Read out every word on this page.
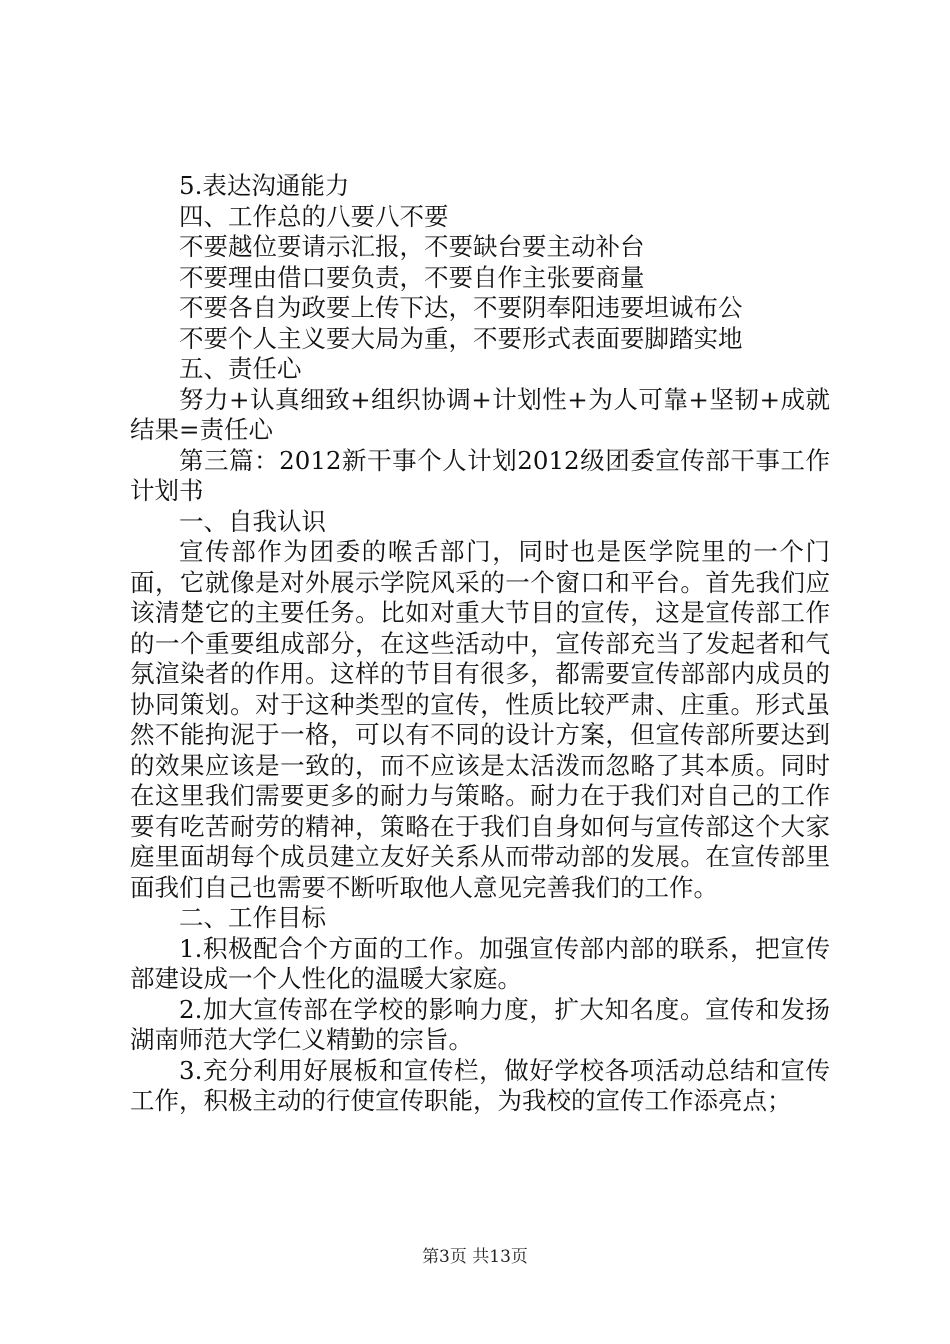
5.表达沟通能力

四、工作总的八要八不要

不要越位要请示汇报，不要缺台要主动补台

不要理由借口要负责，不要自作主张要商量

不要各自为政要上传下达，不要阴奉阳违要坦诚布公

不要个人主义要大局为重，不要形式表面要脚踏实地

五、责任心

努力+认真细致+组织协调+计划性+为人可靠+坚韧+成就结果=责任心

第三篇：2012新干事个人计划2012级团委宣传部干事工作计划书

一、自我认识

宣传部作为团委的喉舌部门，同时也是医学院里的一个门面，它就像是对外展示学院风采的一个窗口和平台。首先我们应该清楚它的主要任务。比如对重大节目的宣传，这是宣传部工作的一个重要组成部分，在这些活动中，宣传部充当了发起者和气氛渲染者的作用。这样的节目有很多，都需要宣传部部内成员的协同策划。对于这种类型的宣传，性质比较严肃、庄重。形式虽然不能拘泥于一格，可以有不同的设计方案，但宣传部所要达到的效果应该是一致的，而不应该是太活泼而忽略了其本质。同时在这里我们需要更多的耐力与策略。耐力在于我们对自己的工作要有吃苦耐劳的精神，策略在于我们自身如何与宣传部这个大家庭里面胡每个成员建立友好关系从而带动部的发展。在宣传部里面我们自己也需要不断听取他人意见完善我们的工作。

二、工作目标

1.积极配合个方面的工作。加强宣传部内部的联系，把宣传部建设成一个人性化的温暖大家庭。

2.加大宣传部在学校的影响力度，扩大知名度。宣传和发扬湖南师范大学仁义精勤的宗旨。

3.充分利用好展板和宣传栏，做好学校各项活动总结和宣传工作，积极主动的行使宣传职能，为我校的宣传工作添亮点；

第3页 共13页
